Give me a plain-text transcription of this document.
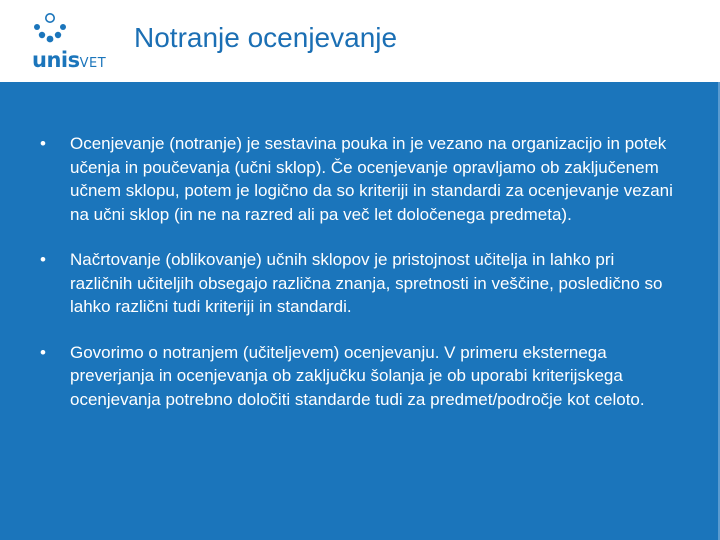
unisVET
Notranje ocenjevanje
• Ocenjevanje (notranje) je sestavina pouka in je vezano na organizacijo in potek učenja in poučevanja (učni sklop). Če ocenjevanje opravljamo ob zaključenem učnem sklopu, potem je logično da so kriteriji in standardi za ocenjevanje vezani na učni sklop (in ne na razred ali pa več let določenega predmeta).
• Načrtovanje (oblikovanje) učnih sklopov je pristojnost učitelja in lahko pri različnih učiteljih obsegajo različna znanja, spretnosti in veščine, posledično so lahko različni tudi kriteriji in standardi.
• Govorimo o notranjem (učiteljevem) ocenjevanju. V primeru eksternega preverjanja in ocenjevanja ob zaključku šolanja je ob uporabi kriterijskega ocenjevanja potrebno določiti standarde tudi za predmet/področje kot celoto.
